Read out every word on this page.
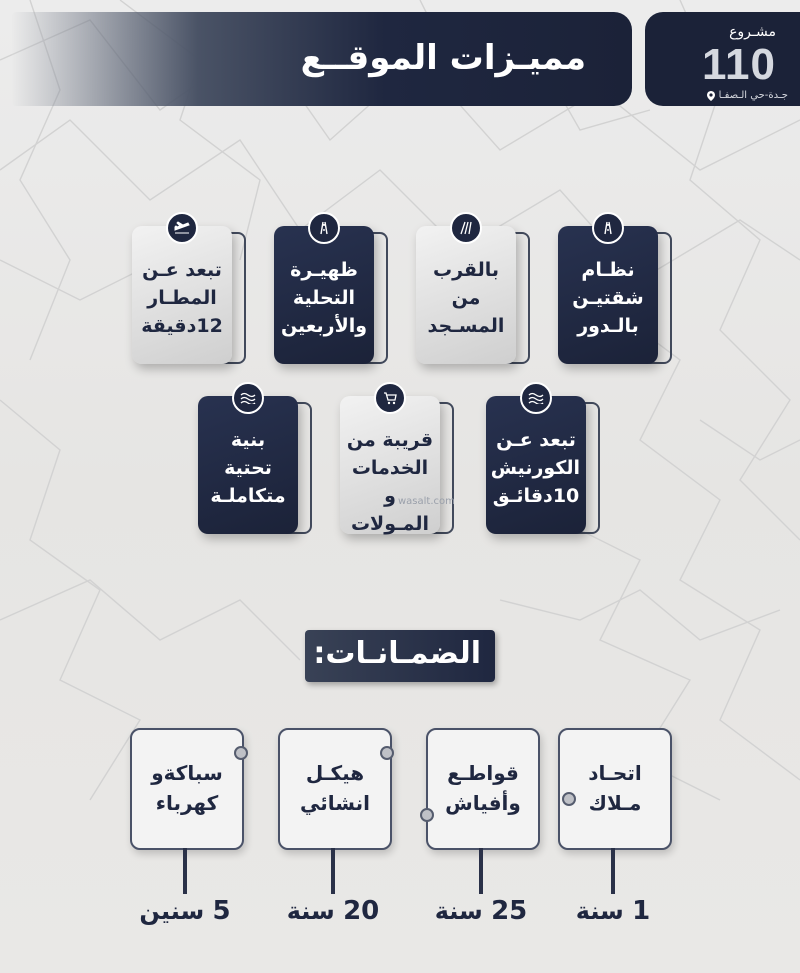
مميـزات الموقــع
مشـروع
110
جـدة-حي الـصفـا
نظـام
شقتيـن
بالـدور
بالقرب من
المسـجد
ظهيـرة
التحلية
والأربعين
تبعد عـن
المطـار
12دقيقة
تبعد عـن
الكورنيش
10دقائـق
قريبة من
الخدمات و
المـولات
بنية تحتية
متكاملـة	wasalt.com
الضمـانـات:
اتحـاد
مـلاك
1 سنة
قواطـع
وأفياش
25 سنة
هيكـل
انشائي
20 سنة
سباكةو
كهرباء
5 سنين
